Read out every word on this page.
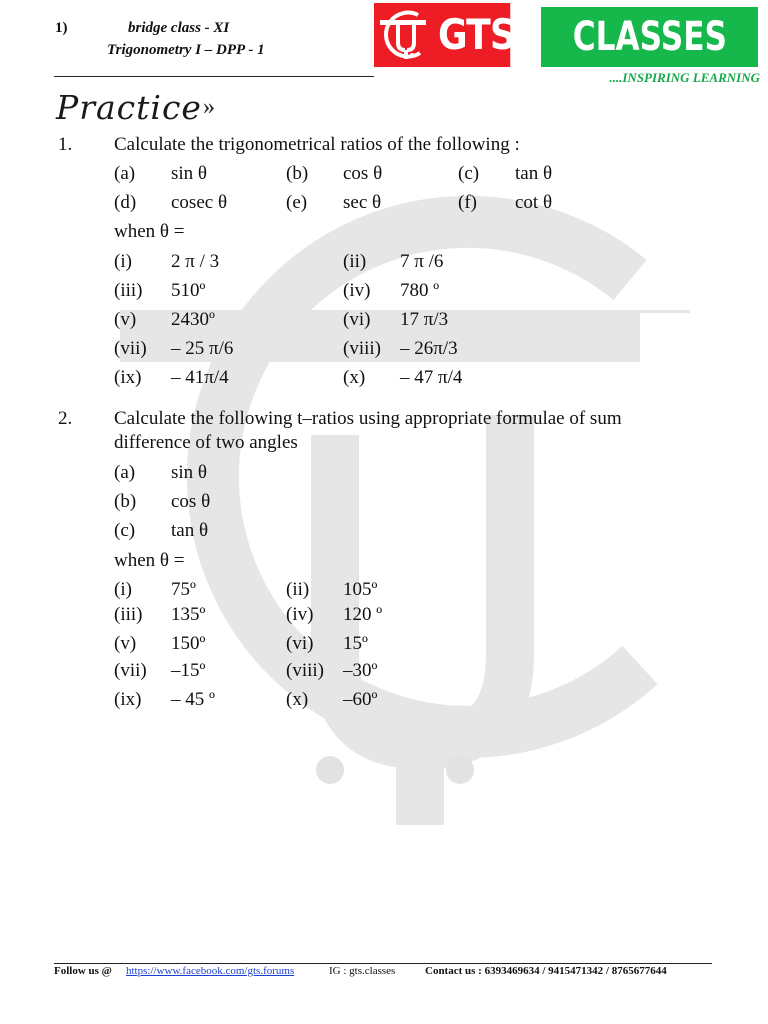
1)	bridge class - XI
Trigonometry I – DPP - 1	GTS	CLASSES
....INSPIRING LEARNING
Practice »
1. Calculate the trigonometrical ratios of the following :
(a) sin θ	(b) cos θ	(c) tan θ
(d) cosec θ	(e) sec θ	(f) cot θ
when θ =
(i) 2 π / 3	(ii) 7 π /6
(iii) 510º	(iv) 780 º
(v) 2430º	(vi) 17 π/3
(vii) – 25 π/6	(viii) – 26π/3
(ix) – 41π/4	(x) – 47 π/4
2. Calculate the following t–ratios using appropriate formulae of sum
difference of two angles
(a) sin θ
(b) cos θ
(c) tan θ
when θ =
(i) 75º	(ii) 105º
(iii) 135º	(iv) 120 º
(v) 150º	(vi) 15º
(vii) –15º	(viii) –30º
(ix) – 45 º	(x) –60º
Follow us @ https://www.facebook.com/gts.forums	IG : gts.classes	Contact us : 6393469634 / 9415471342 / 8765677644
